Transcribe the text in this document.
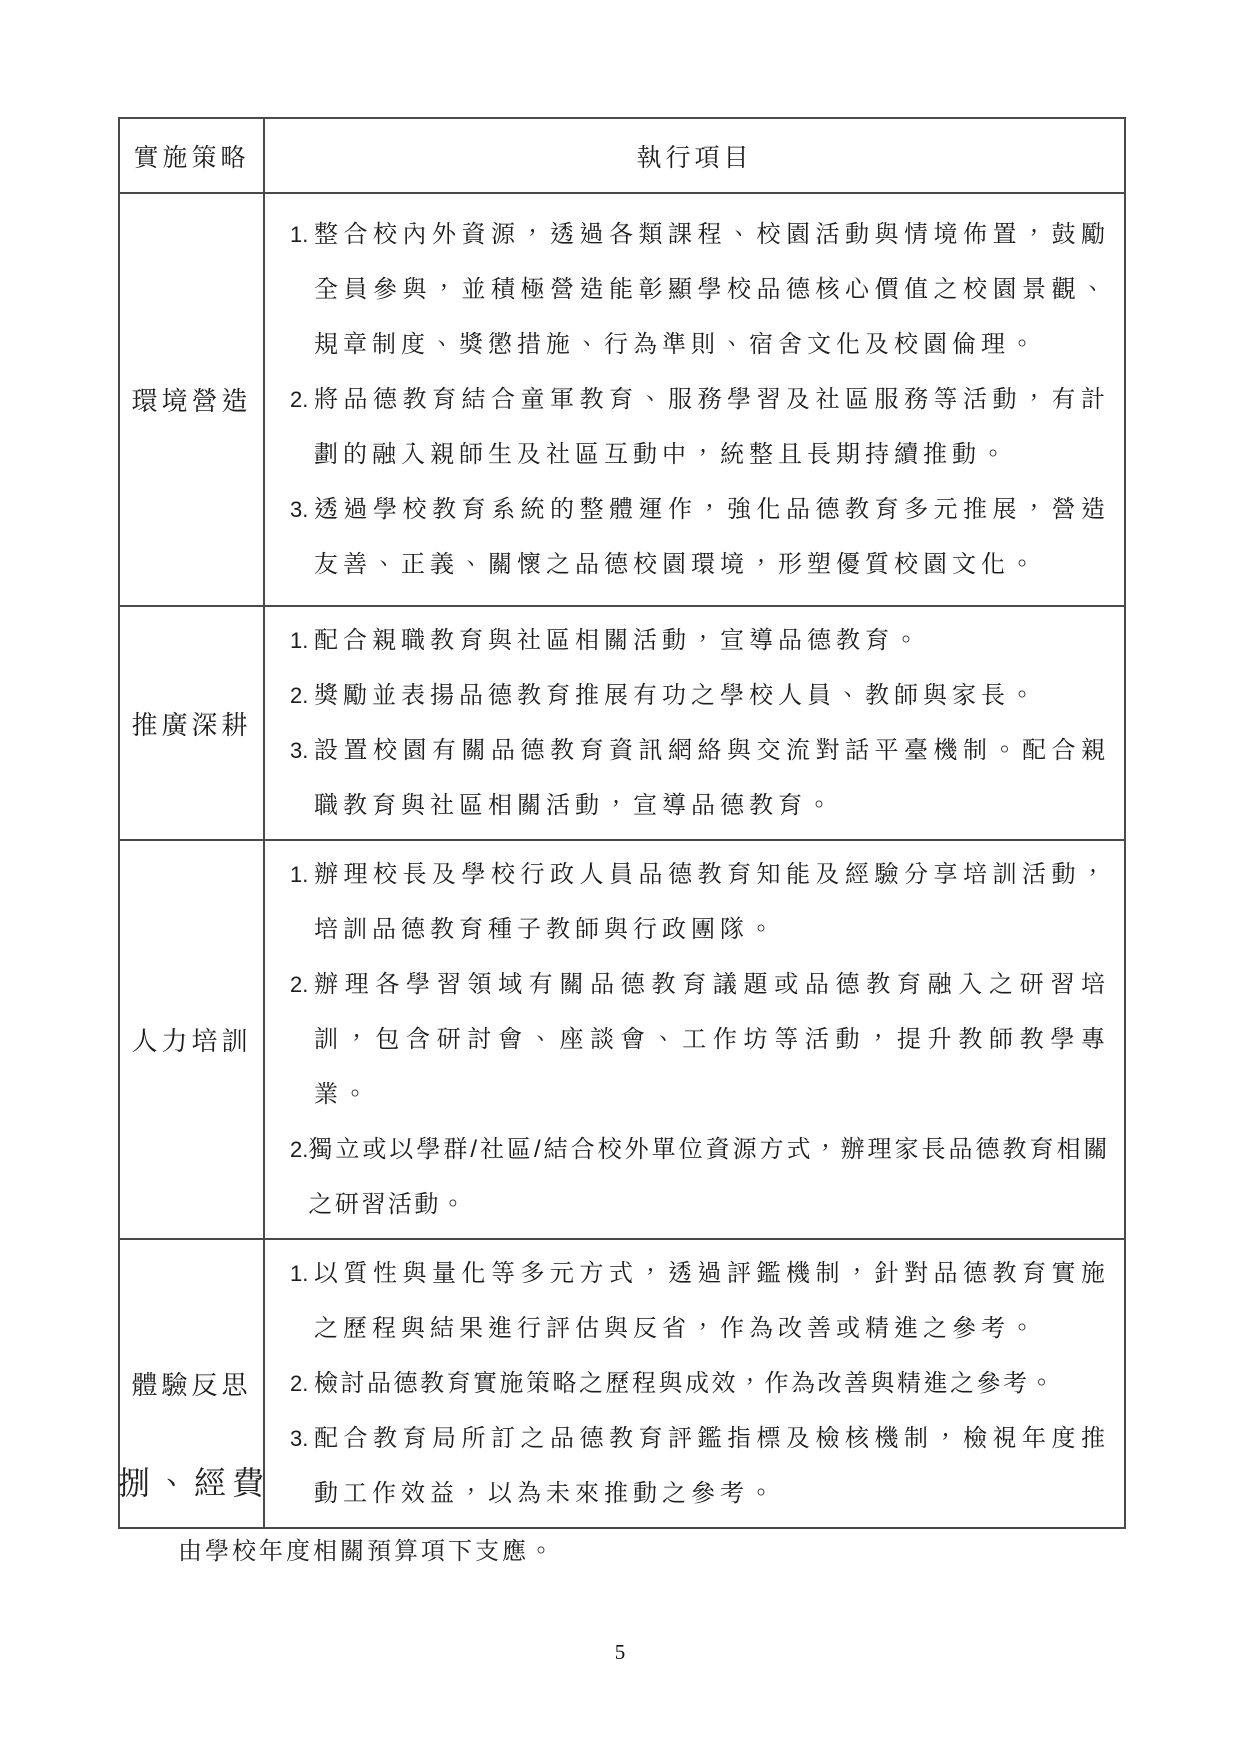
實施策略	執行項目
環境營造
1. 整合校內外資源，透過各類課程、校園活動與情境佈置，鼓勵全員參與，並積極營造能彰顯學校品德核心價值之校園景觀、規章制度、獎懲措施、行為準則、宿舍文化及校園倫理。
2. 將品德教育結合童軍教育、服務學習及社區服務等活動，有計劃的融入親師生及社區互動中，統整且長期持續推動。
3. 透過學校教育系統的整體運作，強化品德教育多元推展，營造友善、正義、關懷之品德校園環境，形塑優質校園文化。
推廣深耕
1. 配合親職教育與社區相關活動，宣導品德教育。
2. 獎勵並表揚品德教育推展有功之學校人員、教師與家長。
3. 設置校園有關品德教育資訊網絡與交流對話平臺機制。配合親職教育與社區相關活動，宣導品德教育。
人力培訓
1. 辦理校長及學校行政人員品德教育知能及經驗分享培訓活動，培訓品德教育種子教師與行政團隊。
2. 辦理各學習領域有關品德教育議題或品德教育融入之研習培訓，包含研討會、座談會、工作坊等活動，提升教師教學專業。
2. 獨立或以學群/社區/結合校外單位資源方式，辦理家長品德教育相關之研習活動。
體驗反思
1. 以質性與量化等多元方式，透過評鑑機制，針對品德教育實施之歷程與結果進行評估與反省，作為改善或精進之參考。
2. 檢討品德教育實施策略之歷程與成效，作為改善與精進之參考。
3. 配合教育局所訂之品德教育評鑑指標及檢核機制，檢視年度推動工作效益，以為未來推動之參考。
捌、經費
由學校年度相關預算項下支應。
5
